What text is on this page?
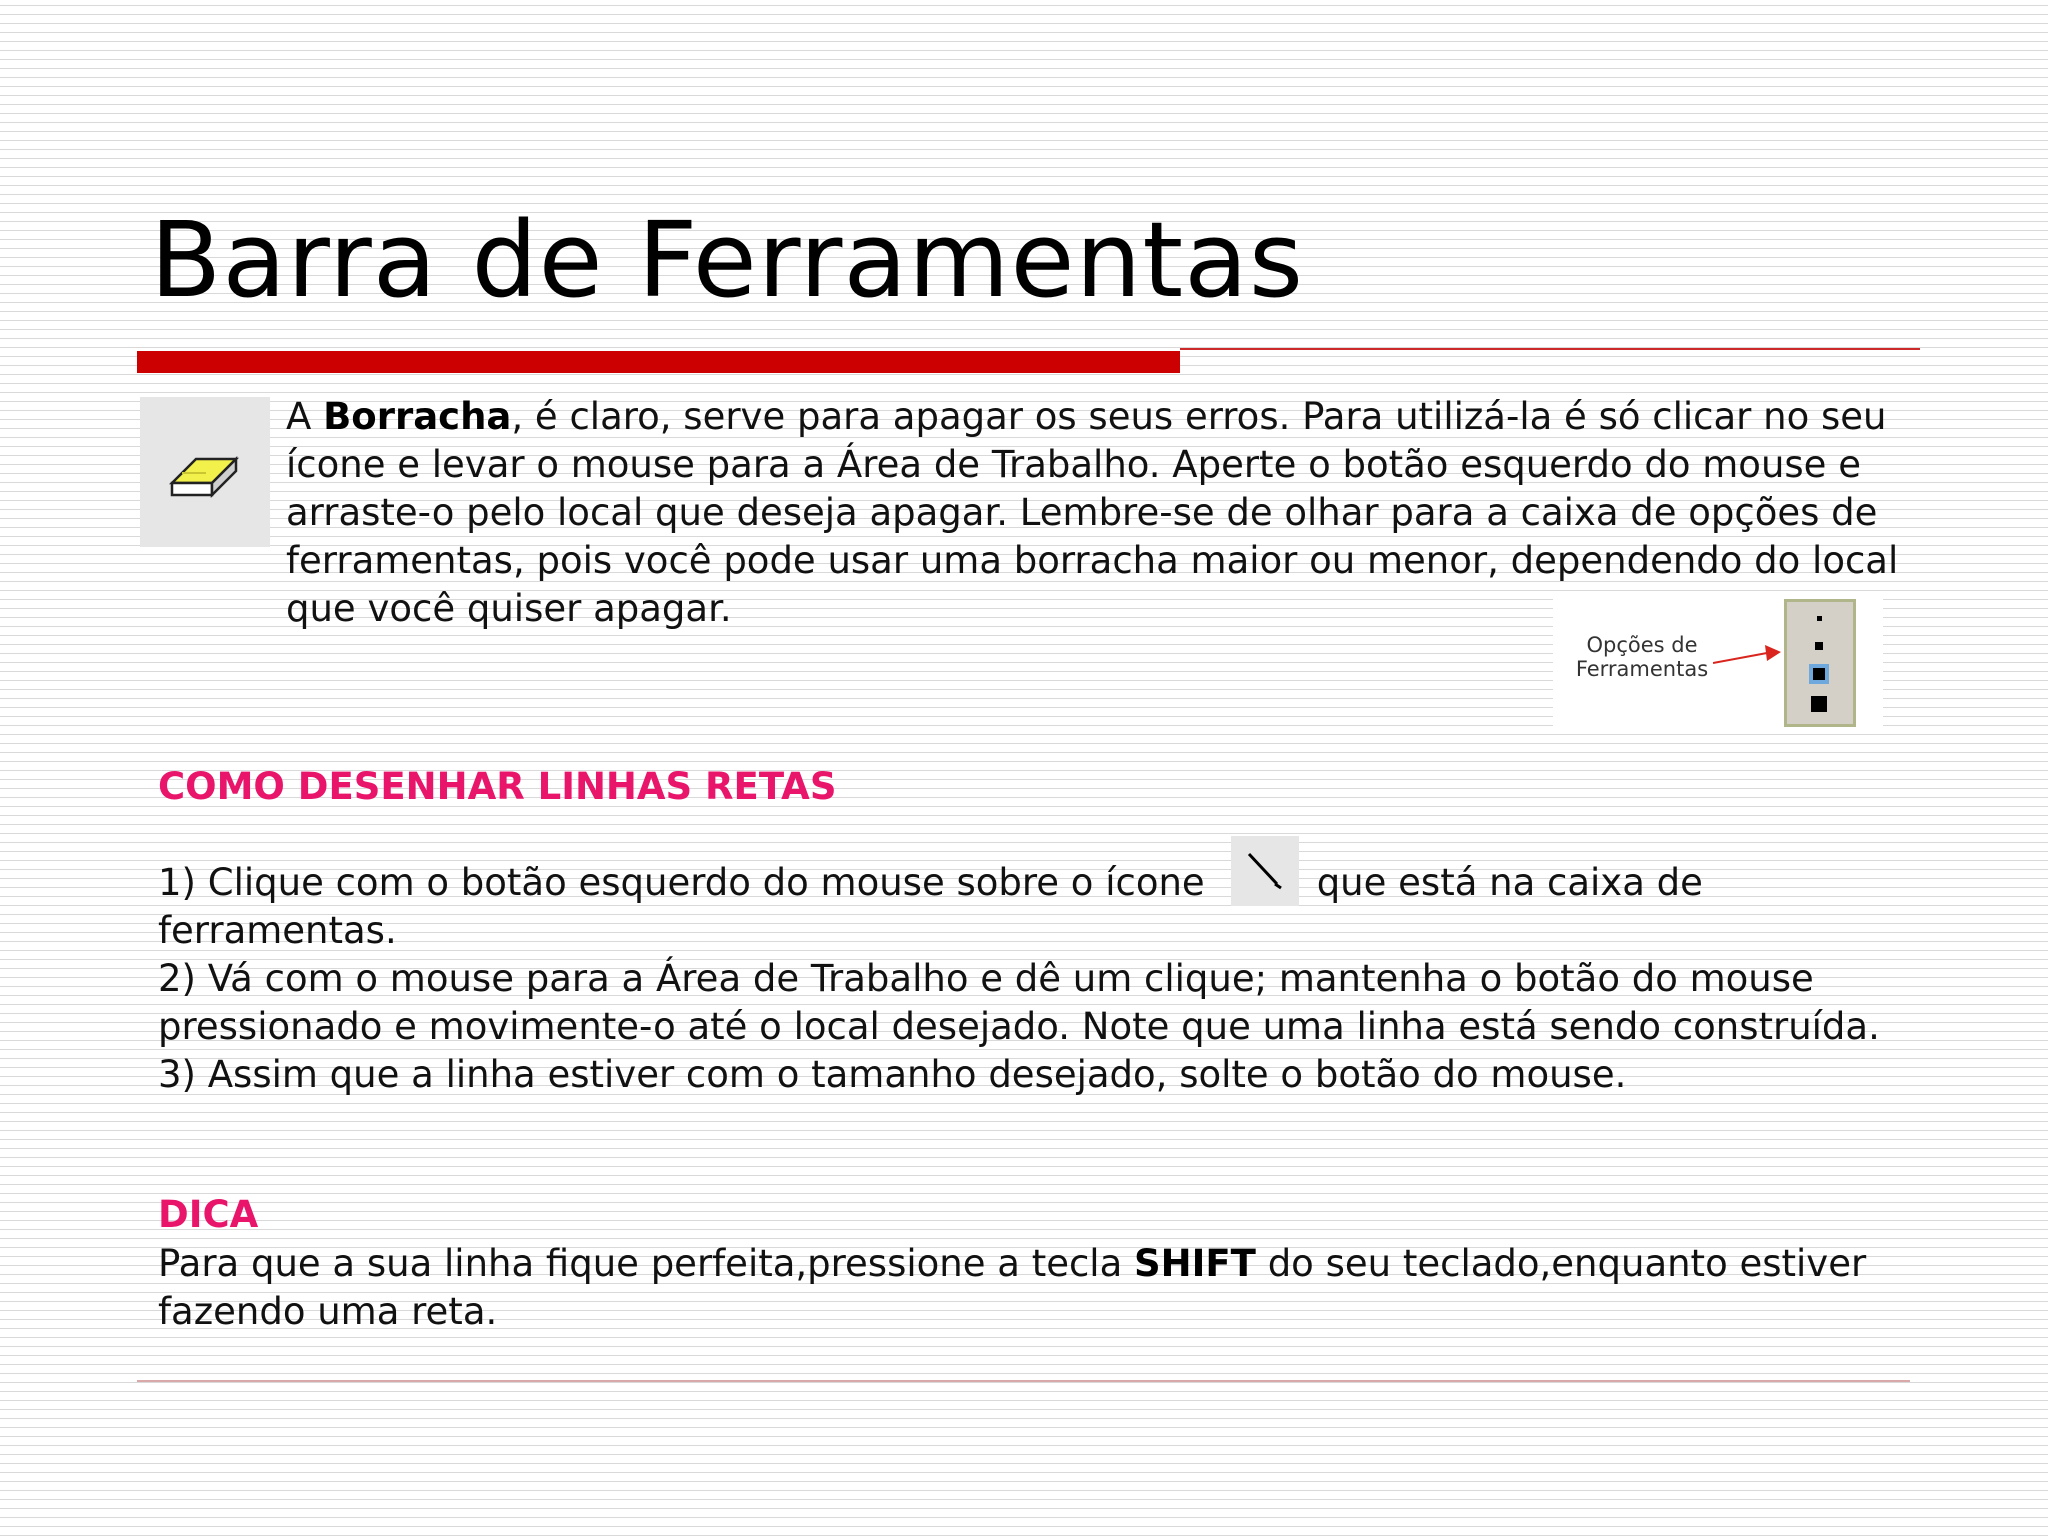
Barra de Ferramentas

A Borracha, é claro, serve para apagar os seus erros. Para utilizá-la é só clicar no seu ícone e levar o mouse para a Área de Trabalho. Aperte o botão esquerdo do mouse e arraste-o pelo local que deseja apagar. Lembre-se de olhar para a caixa de opções de ferramentas, pois você pode usar uma borracha maior ou menor, dependendo do local que você quiser apagar.

Opções de
Ferramentas
COMO DESENHAR LINHAS RETAS
1) Clique com o botão esquerdo do mouse sobre o ícone	que está na caixa de ferramentas.
2) Vá com o mouse para a Área de Trabalho e dê um clique; mantenha o botão do mouse pressionado e movimente-o até o local desejado. Note que uma linha está sendo construída.
3) Assim que a linha estiver com o tamanho desejado, solte o botão do mouse.
DICA

Para que a sua linha fique perfeita,pressione a tecla SHIFT do seu teclado,enquanto estiver fazendo uma reta.
